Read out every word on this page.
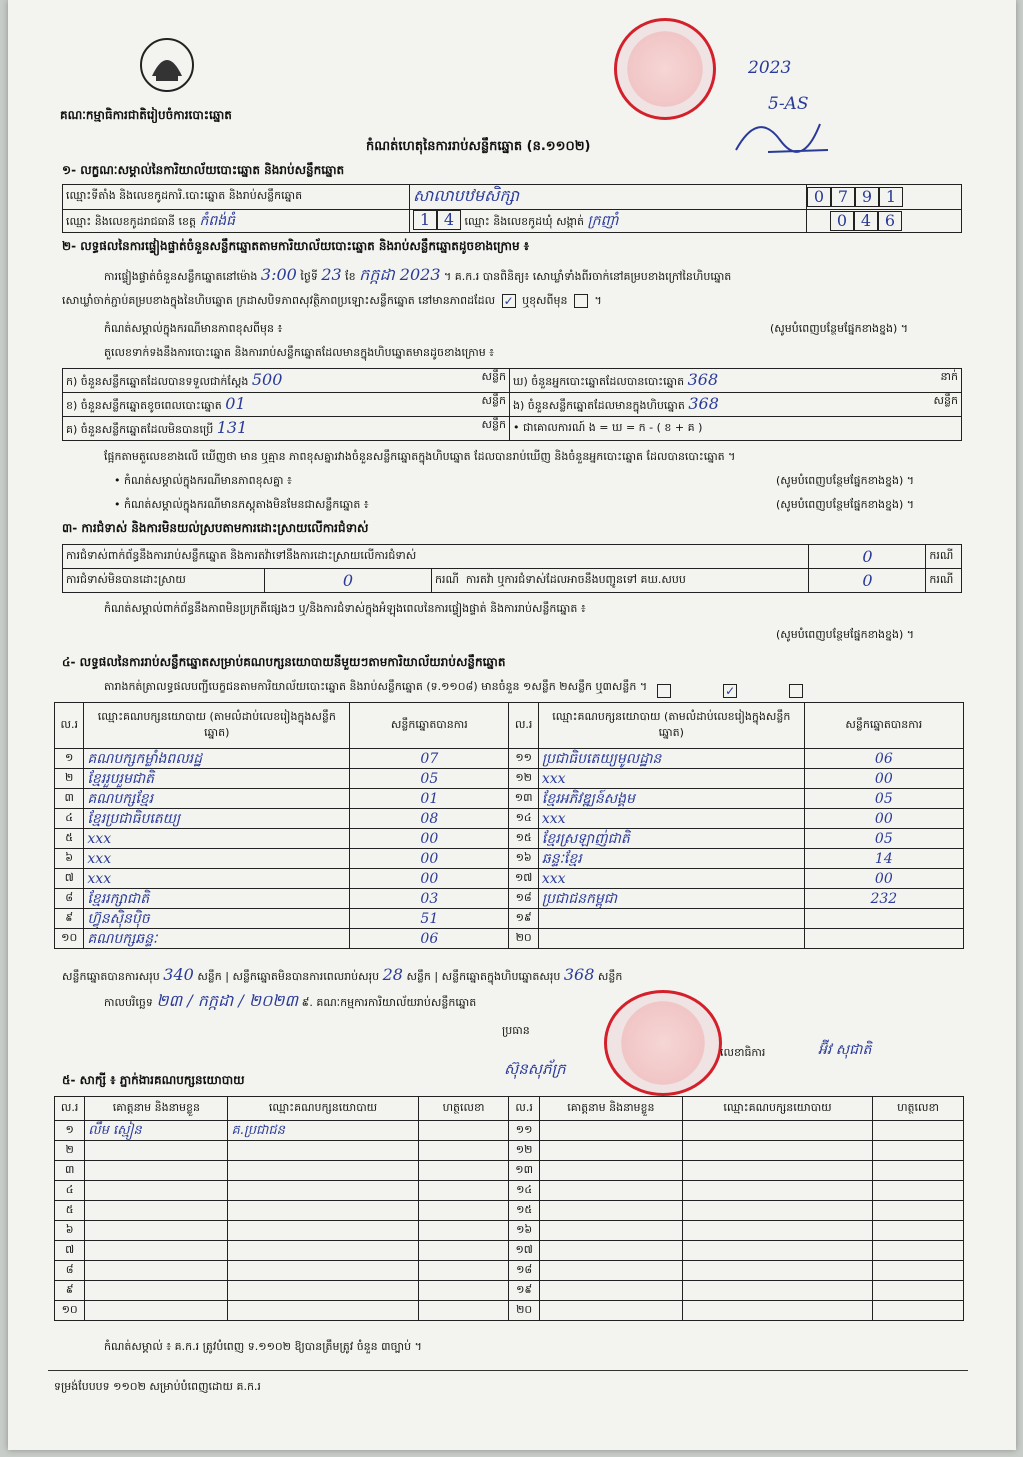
គណៈកម្មាធិការជាតិរៀបចំការបោះឆ្នោត
2023
5-AS
កំណត់ហេតុនៃការរាប់សន្លឹកឆ្នោត (ន.១១០២)
១- លក្ខណៈសម្គាល់នៃការិយាល័យបោះឆ្នោត និងរាប់សន្លឹកឆ្នោត
ឈ្មោះទីតាំង និងលេខកូដការិ.បោះឆ្នោត និងរាប់សន្លឹកឆ្នោត	សាលាបឋមសិក្សា	0 7 9 1
ឈ្មោះ និងលេខកូដរាជធានី ខេត្ត កំពង់ធំ	1 4 ឈ្មោះ និងលេខកូដឃុំ សង្កាត់ ក្រញាំ	0 4 6
២- លទ្ធផលនៃការផ្ទៀងផ្ទាត់ចំនួនសន្លឹកឆ្នោតតាមការិយាល័យបោះឆ្នោត និងរាប់សន្លឹកឆ្នោតដូចខាងក្រោម ៖
ការផ្ទៀងផ្ទាត់ចំនួនសន្លឹកឆ្នោតនៅម៉ោង 3:00 ថ្ងៃទី 23 ខែ កក្កដា 2023 ។ គ.ក.រ បានពិនិត្យ៖ សោឃ្លាំទាំងពីរចាក់នៅគម្របខាងក្រៅនៃហិបឆ្នោត
សោឃ្លាំចាក់ភ្ជាប់គម្របខាងក្នុងនៃហិបឆ្នោត ក្រដាសបិទភាពសុវត្ថិភាពប្រឡោះសន្លឹកឆ្នោត នៅមានភាពដដែល ✓ ឬខុសពីមុន  ។
កំណត់សម្គាល់ក្នុងករណីមានភាពខុសពីមុន ៖	(សូមបំពេញបន្ថែមផ្នែកខាងខ្នង) ។
តួលេខទាក់ទងនឹងការបោះឆ្នោត និងការរាប់សន្លឹកឆ្នោតដែលមានក្នុងហិបឆ្នោតមានដូចខាងក្រោម ៖
ក) ចំនួនសន្លឹកឆ្នោតដែលបានទទួលជាក់ស្តែង 500 សន្លឹក	ឃ) ចំនួនអ្នកបោះឆ្នោតដែលបានបោះឆ្នោត 368 នាក់

ខ) ចំនួនសន្លឹកឆ្នោតខូចពេលបោះឆ្នោត 01 សន្លឹក	ង) ចំនួនសន្លឹកឆ្នោតដែលមានក្នុងហិបឆ្នោត 368 សន្លឹក

គ) ចំនួនសន្លឹកឆ្នោតដែលមិនបានប្រើ 131 សន្លឹក	• ជាគោលការណ៍ ង = ឃ = ក - ( ខ + គ )
ផ្អែកតាមតួលេខខាងលើ ឃើញថា មាន ឬគ្មាន ភាពខុសគ្នារវាងចំនួនសន្លឹកឆ្នោតក្នុងហិបឆ្នោត ដែលបានរាប់ឃើញ និងចំនួនអ្នកបោះឆ្នោត ដែលបានបោះឆ្នោត ។
• កំណត់សម្គាល់ក្នុងករណីមានភាពខុសគ្នា ៖	(សូមបំពេញបន្ថែមផ្នែកខាងខ្នង) ។
• កំណត់សម្គាល់ក្នុងករណីមានភស្តុតាងមិនមែនជាសន្លឹកឆ្នោត ៖	(សូមបំពេញបន្ថែមផ្នែកខាងខ្នង) ។
៣- ការជំទាស់ និងការមិនយល់ស្របតាមការដោះស្រាយលើការជំទាស់
ការជំទាស់ពាក់ព័ន្ធនឹងការរាប់សន្លឹកឆ្នោត និងការតវ៉ាទៅនឹងការដោះស្រាយលើការជំទាស់			0	ករណី
ការជំទាស់មិនបានដោះស្រាយ	0	ករណី ការតវ៉ា ឬការជំទាស់ដែលអាចនឹងបញ្ជូនទៅ គឃ.សបប	0	ករណី
កំណត់សម្គាល់ពាក់ព័ន្ធនឹងភាពមិនប្រក្រតីផ្សេងៗ ឬ/និងការជំទាស់ក្នុងអំឡុងពេលនៃការផ្ទៀងផ្ទាត់ និងការរាប់សន្លឹកឆ្នោត ៖
(សូមបំពេញបន្ថែមផ្នែកខាងខ្នង) ។
៤- លទ្ធផលនៃការរាប់សន្លឹកឆ្នោតសម្រាប់គណបក្សនយោបាយនីមួយៗតាមការិយាល័យរាប់សន្លឹកឆ្នោត
តារាងកត់ត្រាលទ្ធផលបញ្ជីបេក្ខជនតាមការិយាល័យបោះឆ្នោត និងរាប់សន្លឹកឆ្នោត (ទ.១១០៨) មានចំនួន ១សន្លឹក ២សន្លឹក ឬ៣សន្លឹក ។	✓
ល.រ	ឈ្មោះគណបក្សនយោបាយ (តាមលំដាប់លេខរៀងក្នុងសន្លឹកឆ្នោត)	សន្លឹកឆ្នោតបានការ	ល.រ	ឈ្មោះគណបក្សនយោបាយ (តាមលំដាប់លេខរៀងក្នុងសន្លឹកឆ្នោត)	សន្លឹកឆ្នោតបានការ
១	គណបក្សកម្លាំងពលរដ្ឋ	07	១១	ប្រជាធិបតេយ្យមូលដ្ឋាន	06
២	ខ្មែររួបរួមជាតិ	05	១២	xxx	00
៣	គណបក្សខ្មែរ	01	១៣	ខ្មែរអភិវឌ្ឍន៍សង្គម	05
៤	ខ្មែរប្រជាធិបតេយ្យ	08	១៤	xxx	00
៥	xxx	00	១៥	ខ្មែរស្រឡាញ់ជាតិ	05
៦	xxx	00	១៦	ឆន្ទៈខ្មែរ	14
៧	xxx	00	១៧	xxx	00
៨	ខ្មែររក្សាជាតិ	03	១៨	ប្រជាជនកម្ពុជា	232
៩	ហ៊្វុនស៊ិនប៉ិច	51	១៩		
១០	គណបក្សឆន្ទៈ	06	២០		
សន្លឹកឆ្នោតបានការសរុប 340 សន្លឹក | សន្លឹកឆ្នោតមិនបានការពេលរាប់សរុប 28 សន្លឹក | សន្លឹកឆ្នោតក្នុងហិបឆ្នោតសរុប 368 សន្លឹក
កាលបរិច្ឆេទ ២៣ / កក្កដា / ២០២៣ ៩. គណៈកម្មការការិយាល័យរាប់សន្លឹកឆ្នោត
ប្រធាន
ស៊ុនសុភ័ក្រ
លេខាធិការ	អ៊ីវ សុជាតិ
៥- សាក្សី ៖ ភ្នាក់ងារគណបក្សនយោបាយ
ល.រ	គោត្តនាម និងនាមខ្លួន	ឈ្មោះគណបក្សនយោបាយ	ហត្ថលេខា	ល.រ	គោត្តនាម និងនាមខ្លួន	ឈ្មោះគណបក្សនយោបាយ	ហត្ថលេខា
១	លឹម ស្មៀន	គ.ប្រជាជន		១១			
២				១២			
៣				១៣			
៤				១៤			
៥				១៥			
៦				១៦			
៧				១៧			
៨				១៨			
៩				១៩			
១០				២០			
កំណត់សម្គាល់ ៖ គ.ក.រ ត្រូវបំពេញ ទ.១១០២ ឱ្យបានត្រឹមត្រូវ ចំនួន ៣ច្បាប់ ។
ទម្រង់បែបបទ ១១០២ សម្រាប់បំពេញដោយ គ.ក.រ
